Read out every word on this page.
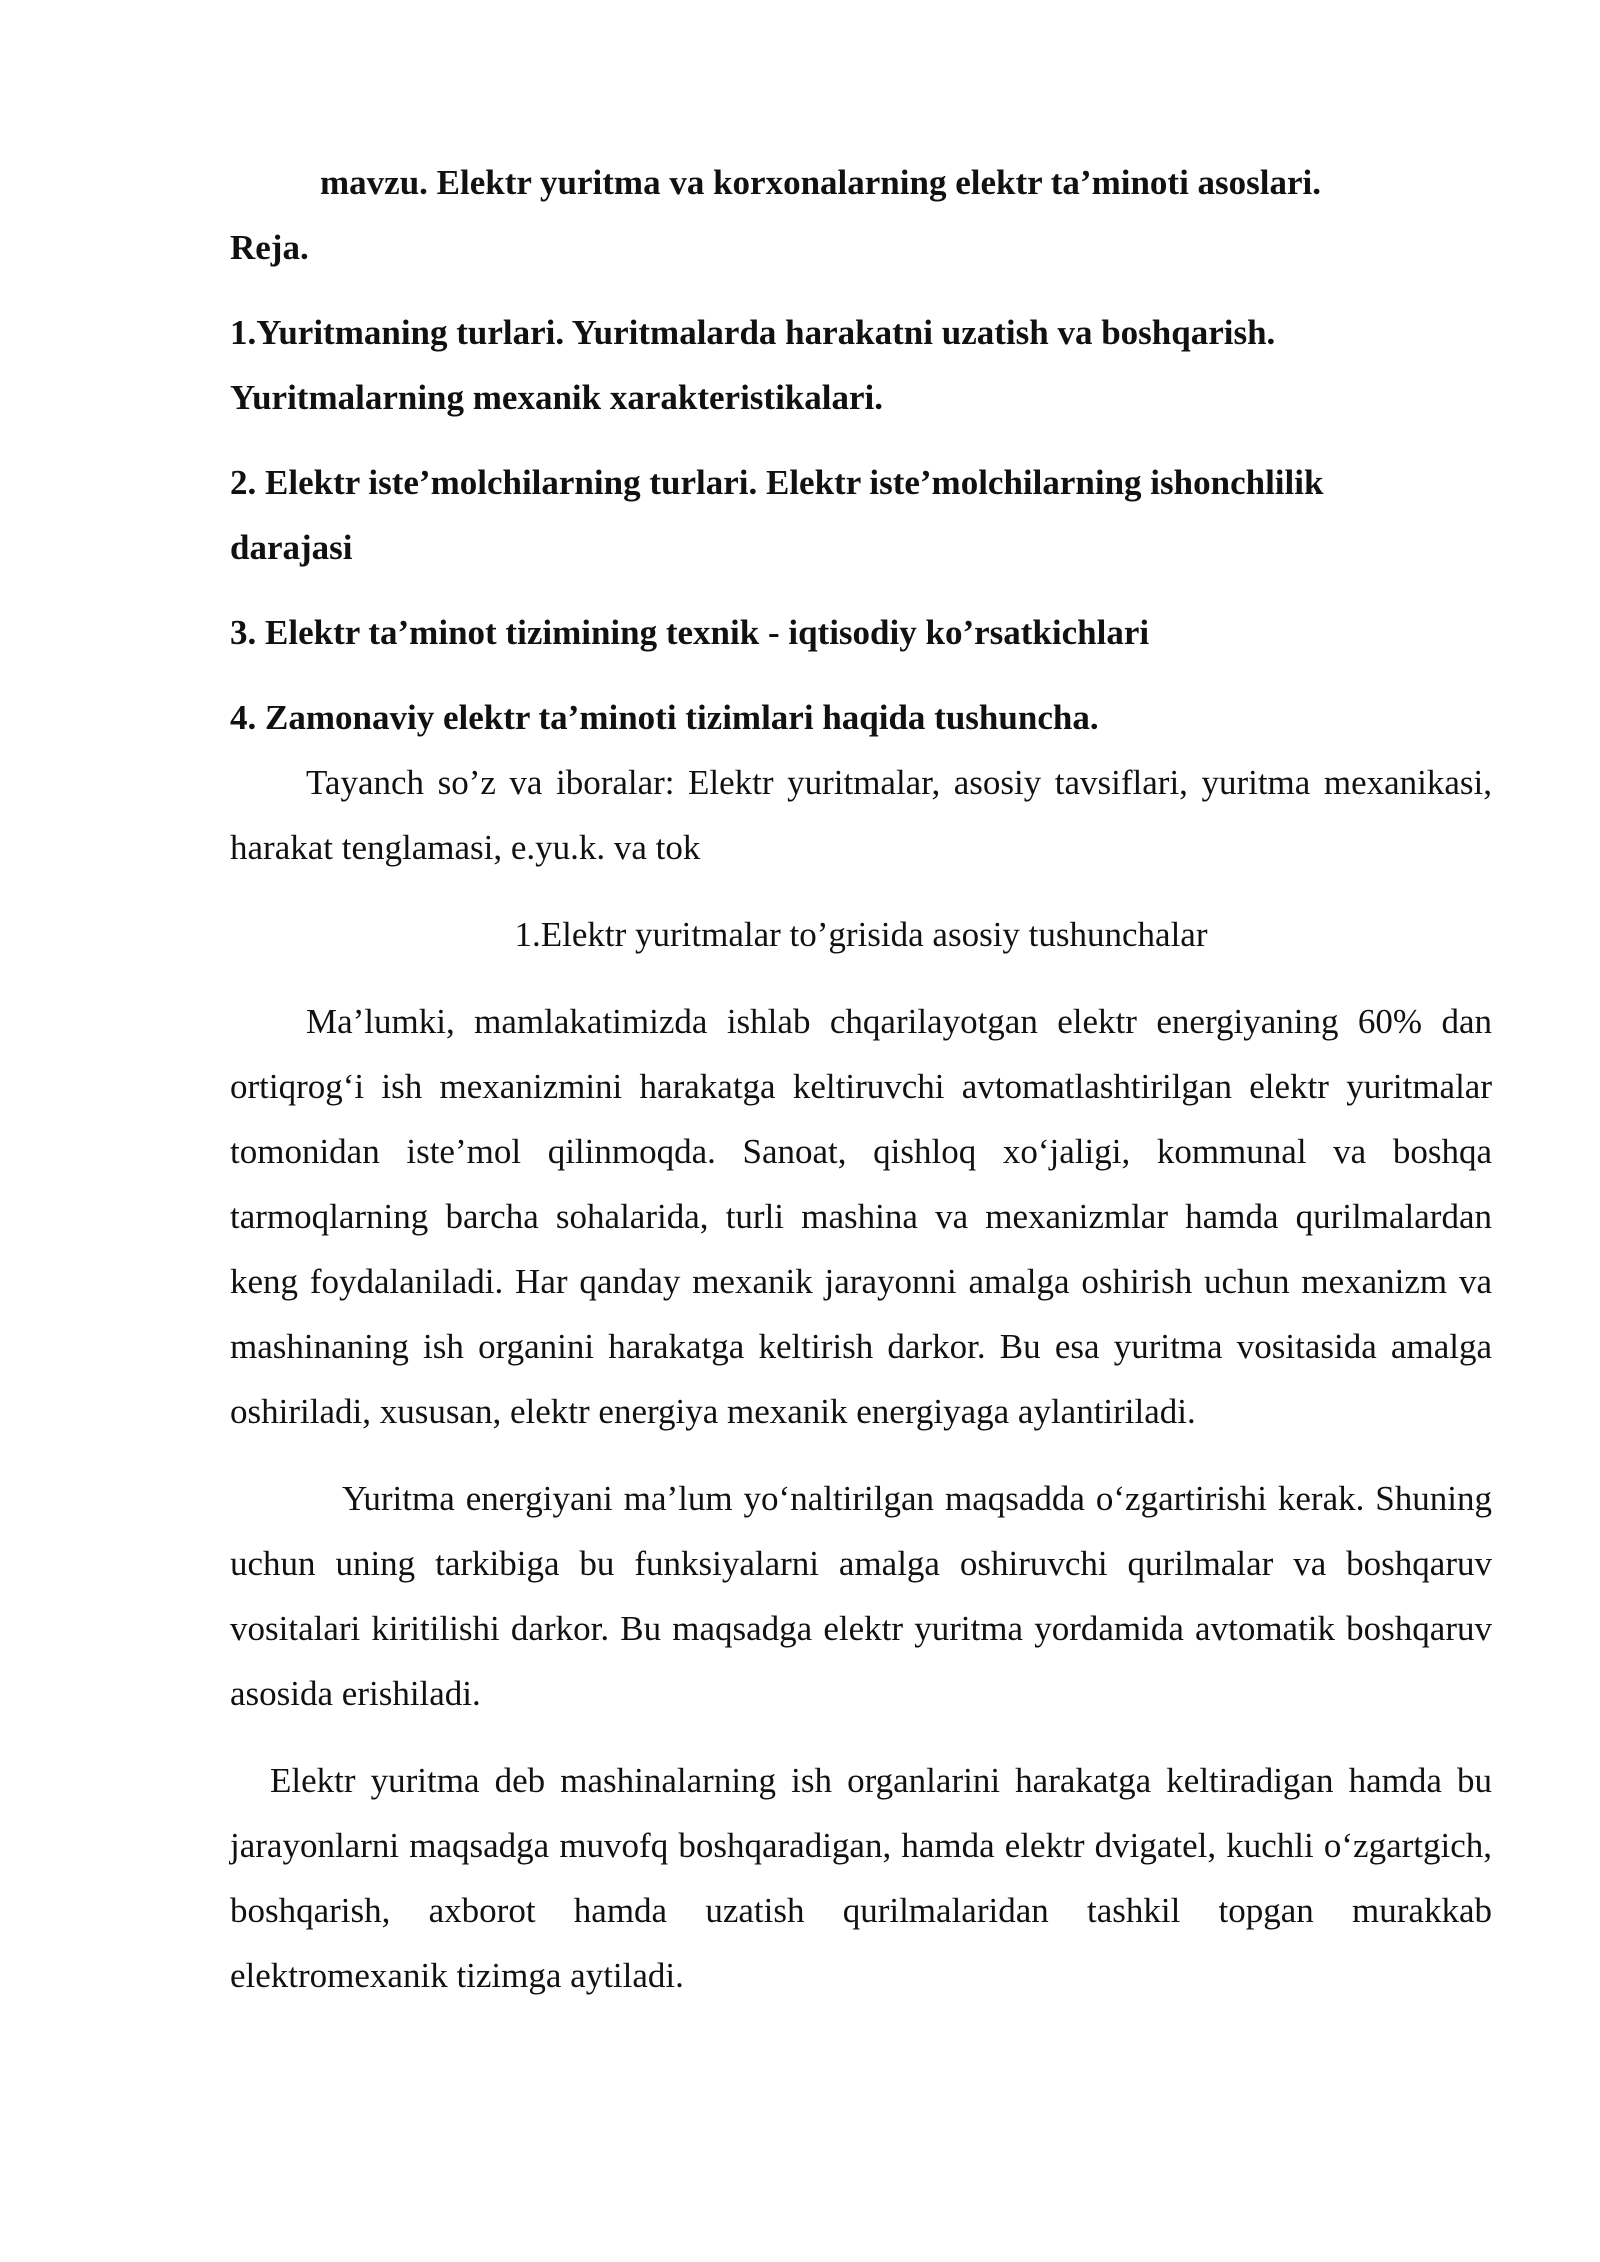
mavzu. Elektr yuritma va korxonalarning elektr ta’minoti asoslari.

Reja.

1.Yuritmaning turlari. Yuritmalarda harakatni uzatish va boshqarish.

Yuritmalarning mexanik xarakteristikalari.

2. Elektr iste’molchilarning turlari. Elektr iste’molchilarning ishonchlilik

darajasi

3. Elektr ta’minot tizimining texnik - iqtisodiy ko’rsatkichlari

4. Zamonaviy elektr ta’minoti tizimlari haqida tushuncha.

Tayanch so’z va iboralar: Elektr yuritmalar, asosiy tavsiflari, yuritma mexanikasi, harakat tenglamasi, e.yu.k. va tok

1.Elektr yuritmalar to’grisida asosiy tushunchalar

Ma’lumki, mamlakatimizda ishlab chqarilayotgan elektr energiyaning 60% dan ortiqrog‘i ish mexanizmini harakatga keltiruvchi avtomatlashtirilgan elektr yuritmalar tomonidan iste’mol qilinmoqda. Sanoat, qishloq xo‘jaligi, kommunal va boshqa tarmoqlarning barcha sohalarida, turli mashina va mexanizmlar hamda qurilmalardan keng foydalaniladi. Har qanday mexanik jarayonni amalga oshirish uchun mexanizm va mashinaning ish organini harakatga keltirish darkor. Bu esa yuritma vositasida amalga oshiriladi, xususan, elektr energiya mexanik energiyaga aylantiriladi.

Yuritma energiyani ma’lum yo‘naltirilgan maqsadda o‘zgartirishi kerak. Shuning uchun uning tarkibiga bu funksiyalarni amalga oshiruvchi qurilmalar va boshqaruv vositalari kiritilishi darkor. Bu maqsadga elektr yuritma yordamida avtomatik boshqaruv asosida erishiladi.

Elektr yuritma deb mashinalarning ish organlarini harakatga keltiradigan hamda bu jarayonlarni maqsadga muvofq boshqaradigan, hamda elektr dvigatel, kuchli o‘zgartgich, boshqarish, axborot hamda uzatish qurilmalaridan tashkil topgan murakkab elektromexanik tizimga aytiladi.
